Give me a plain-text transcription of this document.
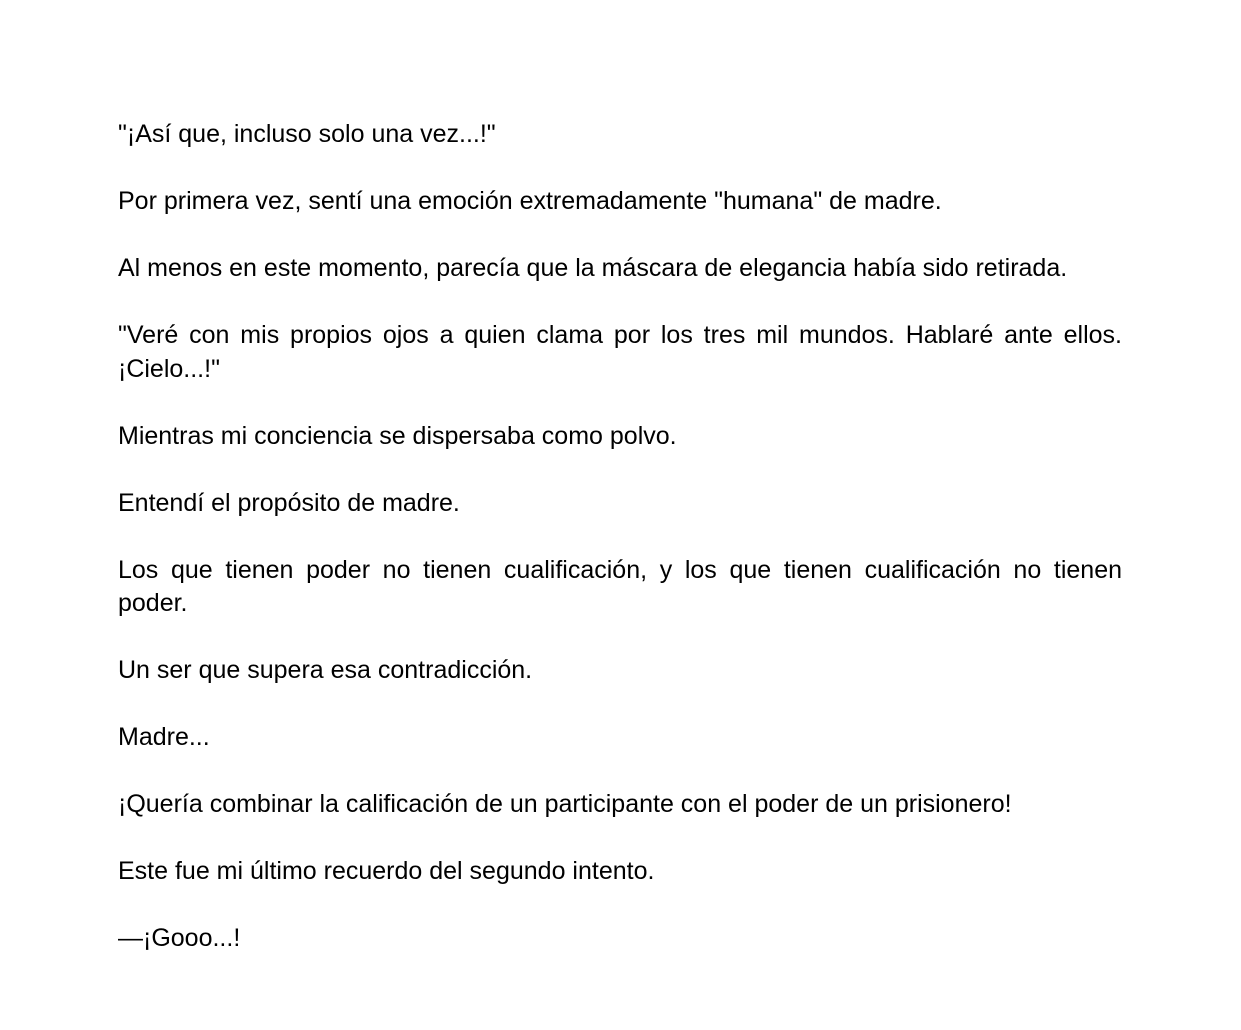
"¡Así que, incluso solo una vez...!"

Por primera vez, sentí una emoción extremadamente "humana" de madre.

Al menos en este momento, parecía que la máscara de elegancia había sido retirada.

"Veré con mis propios ojos a quien clama por los tres mil mundos. Hablaré ante ellos. ¡Cielo...!"

Mientras mi conciencia se dispersaba como polvo.

Entendí el propósito de madre.

Los que tienen poder no tienen cualificación, y los que tienen cualificación no tienen poder.

Un ser que supera esa contradicción.

Madre...

¡Quería combinar la calificación de un participante con el poder de un prisionero!

Este fue mi último recuerdo del segundo intento.

—¡Gooo...!
